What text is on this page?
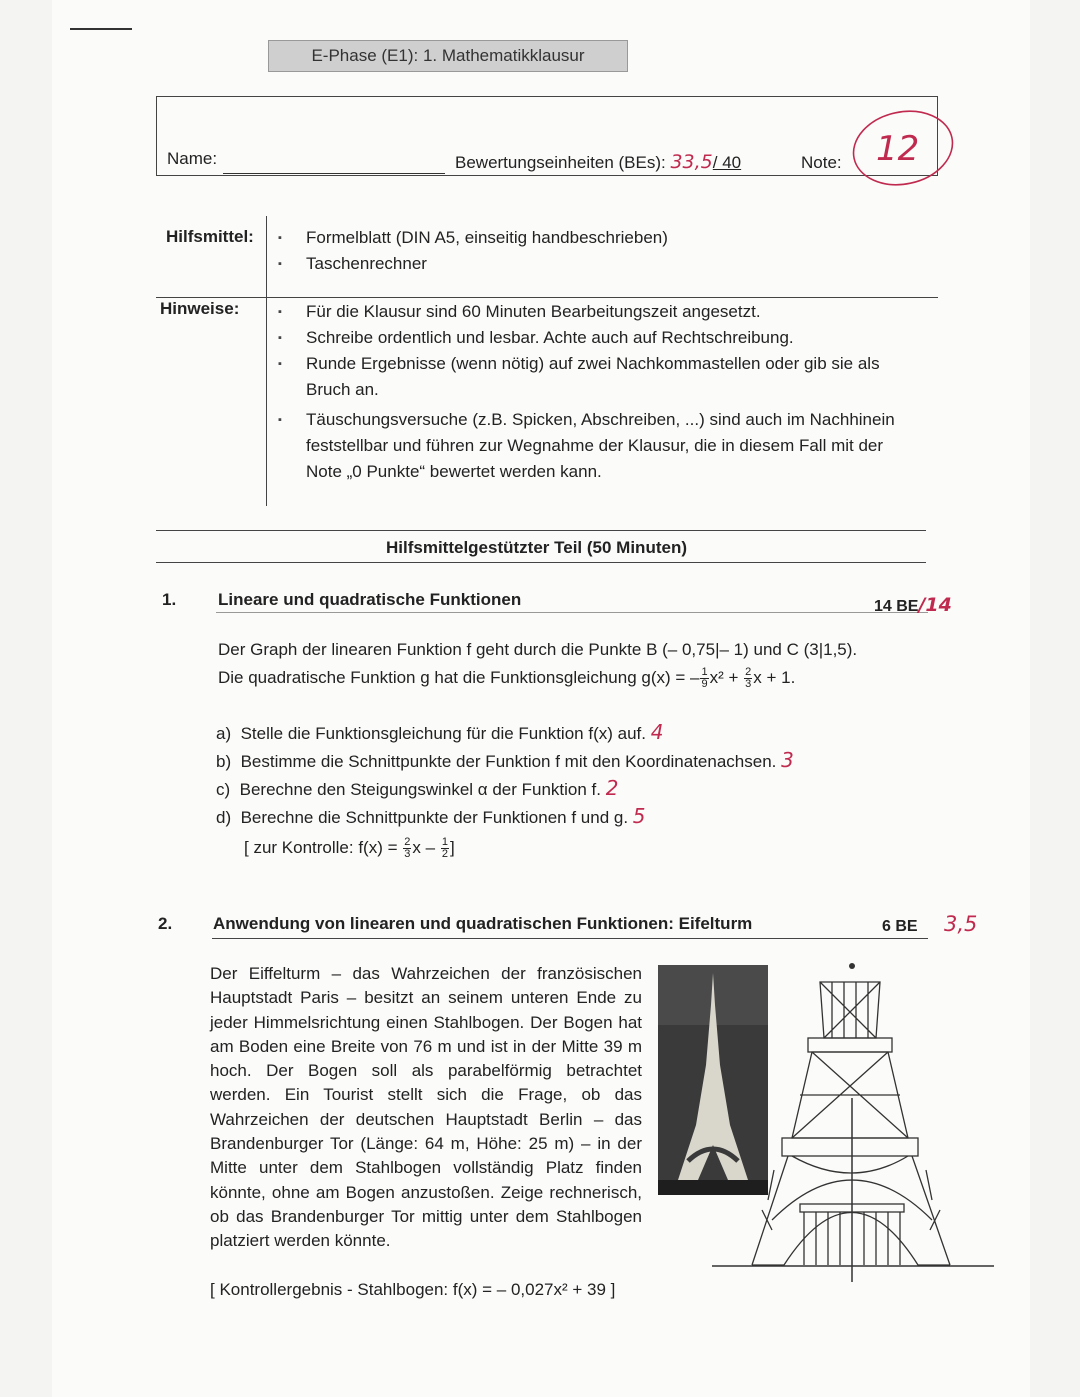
E-Phase (E1): 1. Mathematikklausur
Name:	Bewertungseinheiten (BEs): 33,5/ 40	Note: 12
Hilfsmittel:	▪ Formelblatt (DIN A5, einseitig handbeschrieben)
▪ Taschenrechner
Hinweise:	▪ Für die Klausur sind 60 Minuten Bearbeitungszeit angesetzt.
▪ Schreibe ordentlich und lesbar. Achte auch auf Rechtschreibung.
▪ Runde Ergebnisse (wenn nötig) auf zwei Nachkommastellen oder gib sie als Bruch an.
▪ Täuschungsversuche (z.B. Spicken, Abschreiben, ...) sind auch im Nachhinein feststellbar und führen zur Wegnahme der Klausur, die in diesem Fall mit der Note „0 Punkte“ bewertet werden kann.
Hilfsmittelgestützter Teil (50 Minuten)
1. Lineare und quadratische Funktionen	14 BE/14
Der Graph der linearen Funktion f geht durch die Punkte B (– 0,75|– 1) und C (3|1,5).
Die quadratische Funktion g hat die Funktionsgleichung g(x) = – $\frac{1}{9} x^2 + \frac{2}{3}$ x + 1.
a) Stelle die Funktionsgleichung für die Funktion f(x) auf. 4
b) Bestimme die Schnittpunkte der Funktion f mit den Koordinatenachsen. 3
c) Berechne den Steigungswinkel α der Funktion f. 2
d) Berechne die Schnittpunkte der Funktionen f und g. 5
[ zur Kontrolle: $f(x) = \frac{2}{3}$ x – $\frac{1}{2}$ ]
2. Anwendung von linearen und quadratischen Funktionen: Eifelturm	6 BE 3,5
Der Eiffelturm – das Wahrzeichen der französischen Hauptstadt Paris – besitzt an seinem unteren Ende zu jeder Himmelsrichtung einen Stahlbogen. Der Bogen hat am Boden eine Breite von 76 m und ist in der Mitte 39 m hoch. Der Bogen soll als parabelförmig betrachtet werden. Ein Tourist stellt sich die Frage, ob das Wahrzeichen der deutschen Hauptstadt Berlin – das Brandenburger Tor (Länge: 64 m, Höhe: 25 m) – in der Mitte unter dem Stahlbogen vollständig Platz finden könnte, ohne am Bogen anzustoßen. Zeige rechnerisch, ob das Brandenburger Tor mittig unter dem Stahlbogen platziert werden könnte.
[ Kontrollergebnis - Stahlbogen: f(x) = – 0,027x² + 39 ]
